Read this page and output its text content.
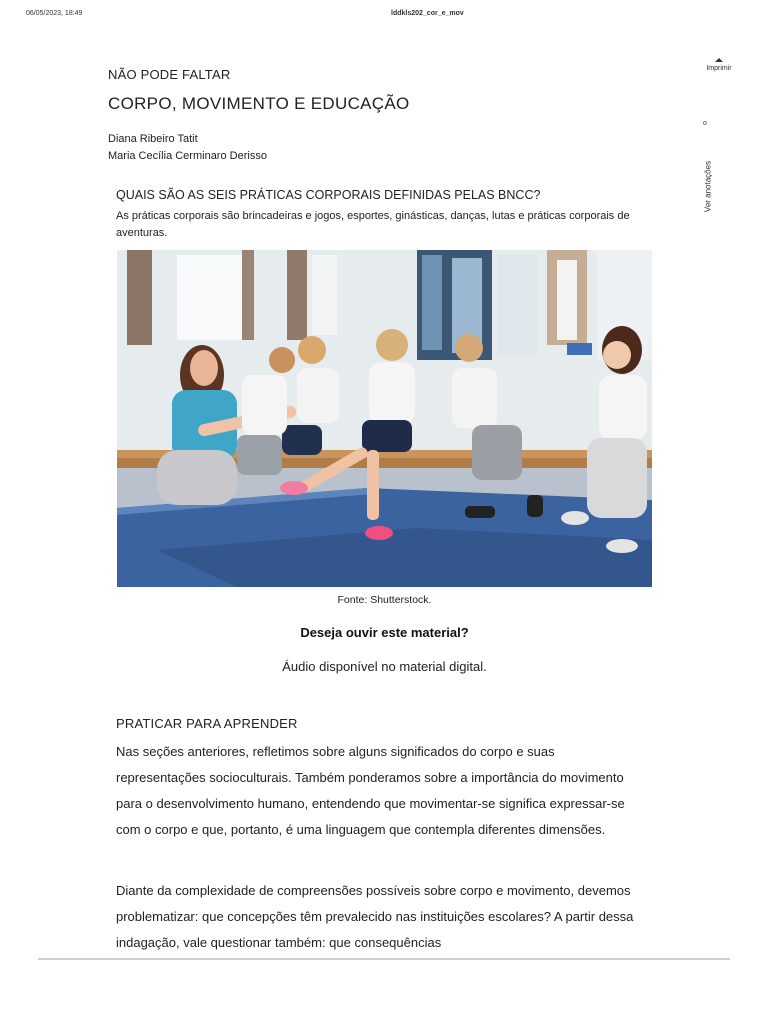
06/05/2023, 18:49	lddkls202_cor_e_mov
Imprimir
o
Ver anotações
NÃO PODE FALTAR
CORPO, MOVIMENTO E EDUCAÇÃO
Diana Ribeiro Tatit
Maria Cecília Cerminaro Derisso
QUAIS SÃO AS SEIS PRÁTICAS CORPORAIS DEFINIDAS PELAS BNCC?
As práticas corporais são brincadeiras e jogos, esportes, ginásticas, danças, lutas e práticas corporais de aventuras.
Fonte: Shutterstock.
Deseja ouvir este material?
Áudio disponível no material digital.
PRATICAR PARA APRENDER
Nas seções anteriores, refletimos sobre alguns significados do corpo e suas representações socioculturais. Também ponderamos sobre a importância do movimento para o desenvolvimento humano, entendendo que movimentar-se significa expressar-se com o corpo e que, portanto, é uma linguagem que contempla diferentes dimensões.
Diante da complexidade de compreensões possíveis sobre corpo e movimento, devemos problematizar: que concepções têm prevalecido nas instituições escolares? A partir dessa indagação, vale questionar também: que consequências
